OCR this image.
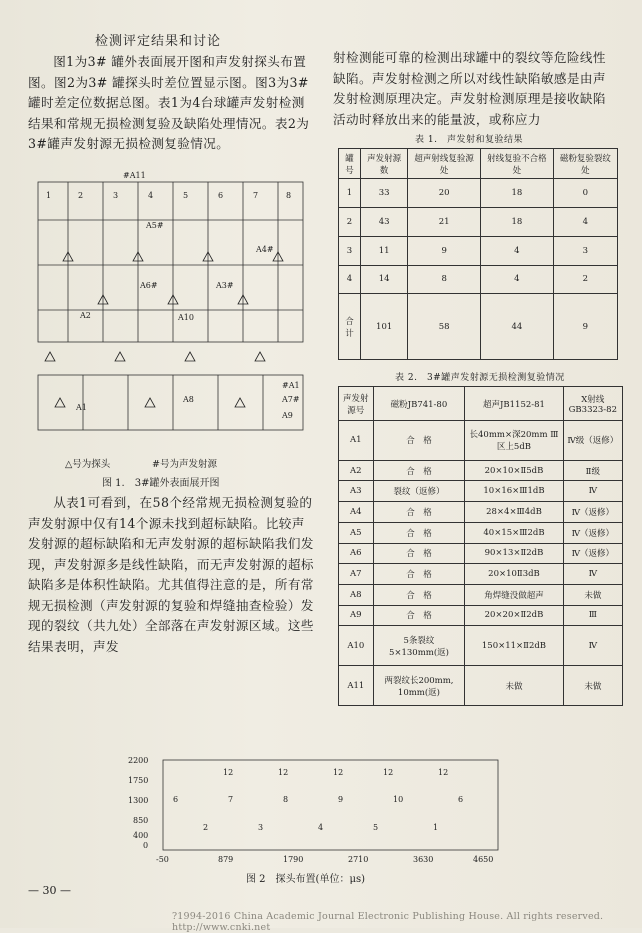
检测评定结果和讨论

图1为3# 罐外表面展开图和声发射探头布置图。图2为3# 罐探头时差位置显示图。图3为3# 罐时差定位数据总图。表1为4台球罐声发射检测结果和常规无损检测复验及缺陷处理情况。表2为3#罐声发射源无损检测复验情况。

#A11
1	2	3	4	5	6	7	8
A5#
A4#
A6#	A3#
A10
A2
A1
A8	A7#
#A1
A9
图 1.　3#罐外表面展开图
△号为探头	#号为声发射源

从表1可看到，在58个经常规无损检测复验的声发射源中仅有14个源未找到超标缺陷。比较声发射源的超标缺陷和无声发射源的超标缺陷我们发现，声发射源多是线性缺陷，而无声发射源的超标缺陷多是体积性缺陷。尤其值得注意的是，所有常规无损检测（声发射源的复验和焊缝抽查检验）发现的裂纹（共九处）全部落在声发射源区域。这些结果表明，声发

射检测能可靠的检测出球罐中的裂纹等危险线性缺陷。声发射检测之所以对线性缺陷敏感是由声发射检测原理决定。声发射检测原理是接收缺陷活动时释放出来的能量波，或称应力

表 1.　声发射和复验结果
罐号	声发射源数	超声射线复验源处	射线复验不合格处	磁粉复验裂纹处
1	33	20	18	0
2	43	21	18	4
3	11	9	4	3
4	14	8	4	2
合计	101	58	44	9
表 2.　3#罐声发射源无损检测复验情况
声发射源号	磁粉JB741-80	超声JB1152-81	X射线GB3323-82
A1	合　格	长40mm×深20mm Ⅲ区上5dB	Ⅳ级（返修）
A2	合　格	20×10×Ⅱ5dB	Ⅱ级
A3	裂纹（返修）	10×16×Ⅲ1dB	Ⅳ
A4	合　格	28×4×Ⅲ4dB	Ⅳ（返修）
A5	合　格	40×15×Ⅲ2dB	Ⅳ（返修）
A6	合　格	90×13×Ⅱ2dB	Ⅳ（返修）
A7	合　格	20×10Ⅱ3dB	Ⅳ
A8	合　格	角焊缝没做超声	未做
A9	合　格	20×20×Ⅱ2dB	Ⅲ
A10	5条裂纹 5×130mm(返)	150×11×Ⅱ2dB	Ⅳ
A11	两裂纹长200mm, 10mm(返)	未做	未做
2200
1750
1300
850
400
0
-50	879	1790	2710	3630	4650
12	12	12	12	12
6	7	8	9	10	6
2	3	4	5	1
图 2　探头布置(单位：μs)
— 30 —
?1994-2016 China Academic Journal Electronic Publishing House. All rights reserved.　http://www.cnki.net
